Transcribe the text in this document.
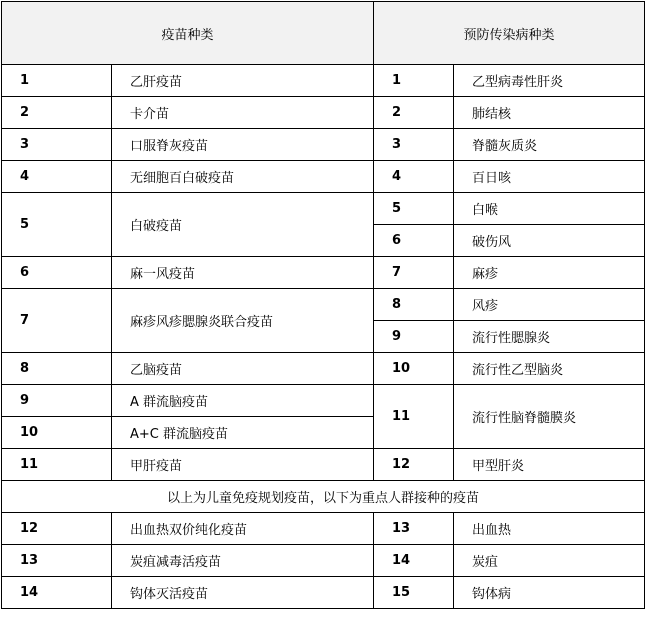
疫苗种类		预防传染病种类	
1	乙肝疫苗	1	乙型病毒性肝炎
2	卡介苗	2	肺结核
3	口服脊灰疫苗	3	脊髓灰质炎
4	无细胞百白破疫苗	4	百日咳
5	白破疫苗	5	白喉
		6	破伤风
6	麻一风疫苗	7	麻疹
7	麻疹风疹腮腺炎联合疫苗	8	风疹
		9	流行性腮腺炎
8	乙脑疫苗	10	流行性乙型脑炎
9	A 群流脑疫苗	11	流行性脑脊髓膜炎
10	A+C 群流脑疫苗		
11	甲肝疫苗	12	甲型肝炎
以上为儿童免疫规划疫苗，以下为重点人群接种的疫苗			
12	出血热双价纯化疫苗	13	出血热
13	炭疽减毒活疫苗	14	炭疽
14	钩体灭活疫苗	15	钩体病
